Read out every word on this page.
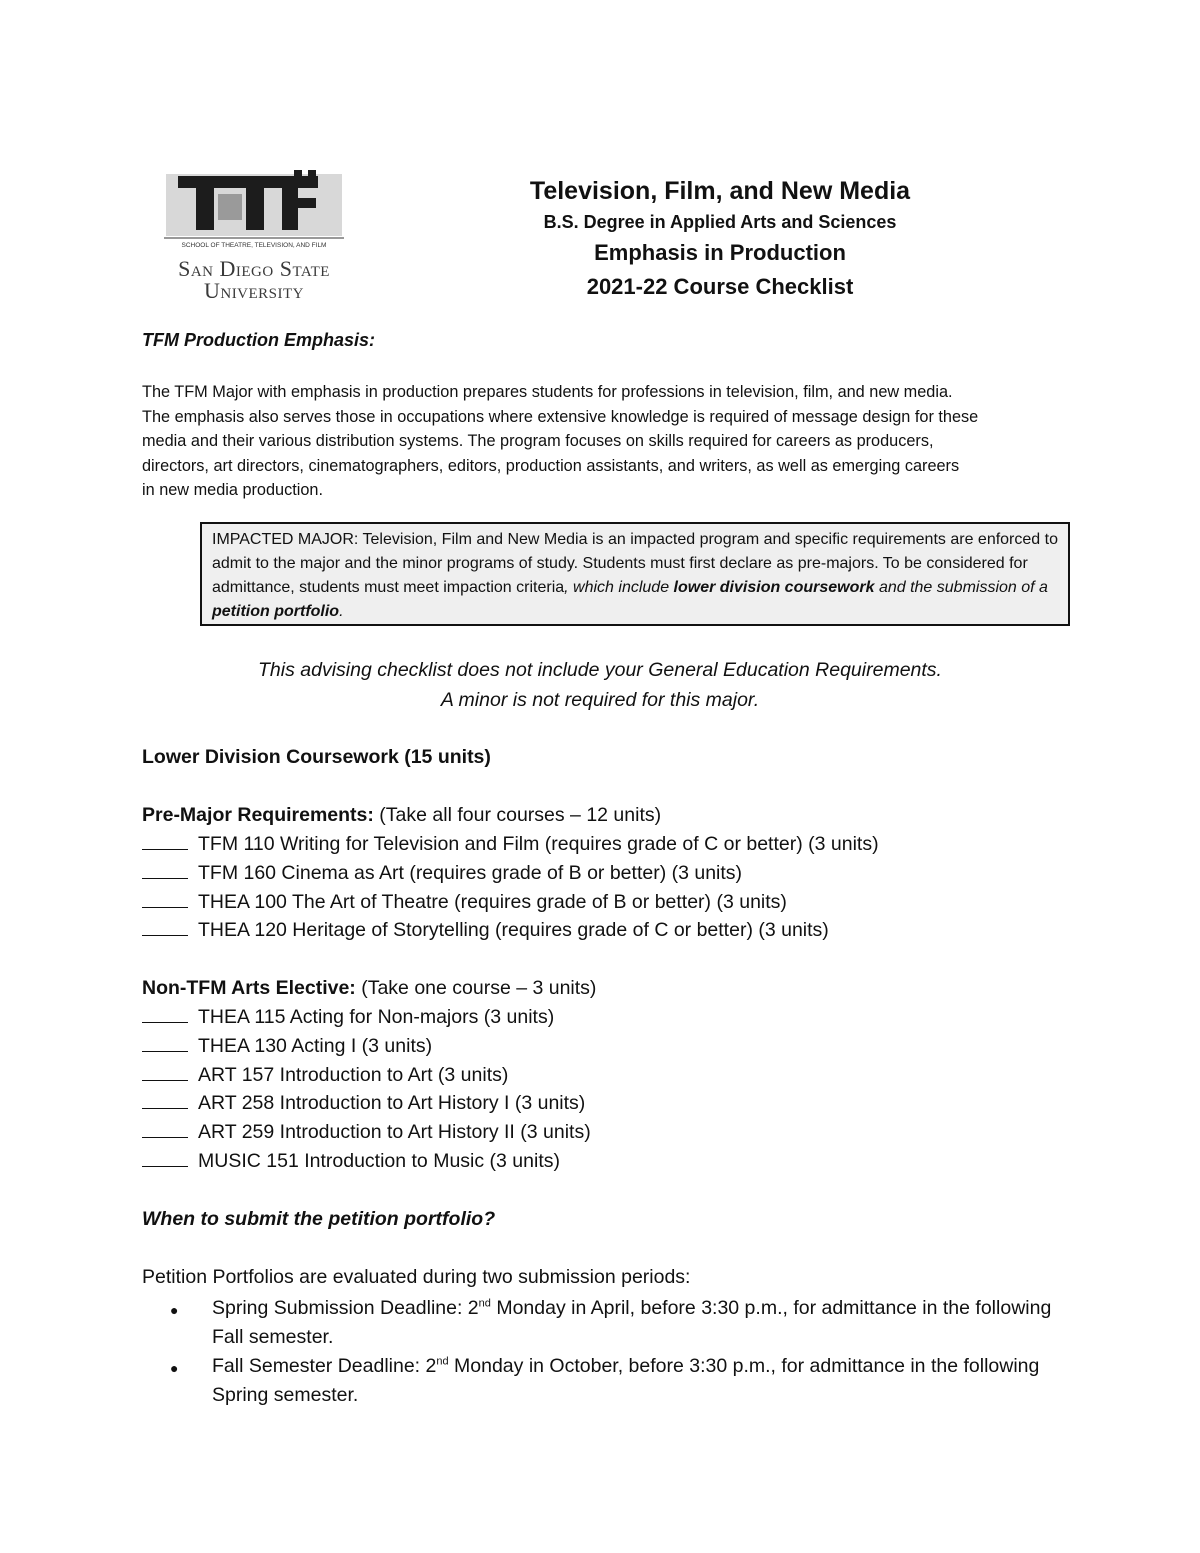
SCHOOL OF THEATRE, TELEVISION, AND FILM
San Diego State
University
Television, Film, and New Media
B.S. Degree in Applied Arts and Sciences
Emphasis in Production
2021-22 Course Checklist
TFM Production Emphasis:
The TFM Major with emphasis in production prepares students for professions in television, film, and new media.
The emphasis also serves those in occupations where extensive knowledge is required of message design for these
media and their various distribution systems. The program focuses on skills required for careers as producers,
directors, art directors, cinematographers, editors, production assistants, and writers, as well as emerging careers
in new media production.
IMPACTED MAJOR: Television, Film and New Media is an impacted program and specific requirements are enforced to admit to the major and the minor programs of study. Students must first declare as pre-majors. To be considered for admittance, students must meet impaction criteria, which include lower division coursework and the submission of a petition portfolio.
This advising checklist does not include your General Education Requirements.
A minor is not required for this major.
Lower Division Coursework (15 units)
Pre-Major Requirements: (Take all four courses – 12 units)
TFM 110 Writing for Television and Film (requires grade of C or better) (3 units)
TFM 160 Cinema as Art (requires grade of B or better) (3 units)
THEA 100 The Art of Theatre (requires grade of B or better) (3 units)
THEA 120 Heritage of Storytelling (requires grade of C or better) (3 units)
Non-TFM Arts Elective: (Take one course – 3 units)
THEA 115 Acting for Non-majors (3 units)
THEA 130 Acting I (3 units)
ART 157 Introduction to Art (3 units)
ART 258 Introduction to Art History I (3 units)
ART 259 Introduction to Art History II (3 units)
MUSIC 151 Introduction to Music (3 units)
When to submit the petition portfolio?
Petition Portfolios are evaluated during two submission periods:
●	Spring Submission Deadline: 2nd Monday in April, before 3:30 p.m., for admittance in the following Fall semester.
●	Fall Semester Deadline: 2nd Monday in October, before 3:30 p.m., for admittance in the following Spring semester.
